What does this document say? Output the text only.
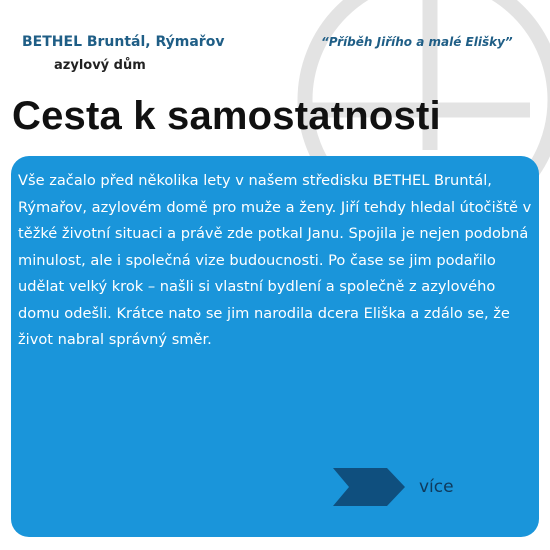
BETHEL Bruntál, Rýmařov
azylový dům
“Příběh Jiřího a malé Elišky”
Cesta k samostatnosti

Vše začalo před několika lety v našem středisku BETHEL Bruntál, Rýmařov, azylovém domě pro muže a ženy. Jiří tehdy hledal útočiště v těžké životní situaci a právě zde potkal Janu. Spojila je nejen podobná minulost, ale i společná vize budoucnosti. Po čase se jim podařilo udělat velký krok – našli si vlastní bydlení a společně z azylového domu odešli. Krátce nato se jim narodila dcera Eliška a zdálo se, že život nabral správný směr.

více
